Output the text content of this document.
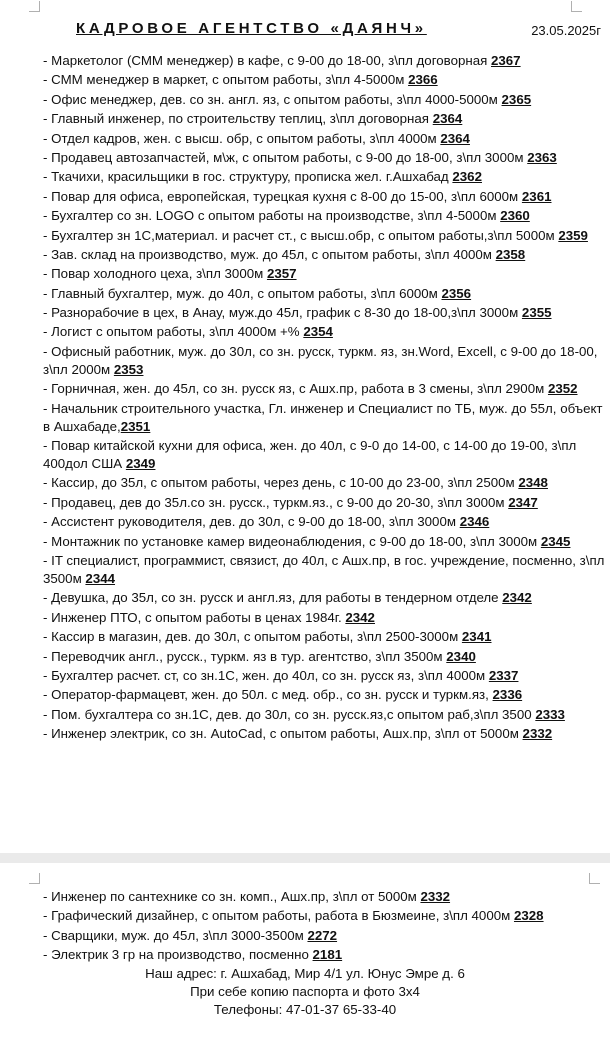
КАДРОВОЕ АГЕНТСТВО «ДАЯНЧ»	23.05.2025г
- Маркетолог (СММ менеджер) в кафе, с 9-00 до 18-00, з\пл договорная 2367
- СММ менеджер в маркет, с опытом работы, з\пл 4-5000м 2366
- Офис менеджер, дев. со зн. англ. яз, с опытом работы, з\пл 4000-5000м 2365
- Главный инженер, по строительству теплиц, з\пл договорная 2364
- Отдел кадров, жен. с высш. обр, с опытом работы, з\пл 4000м 2364
- Продавец автозапчастей, м\ж, с опытом работы, с 9-00 до 18-00, з\пл 3000м 2363
- Ткачихи, красильщики в гос. структуру, прописка жел. г.Ашхабад 2362
- Повар для офиса, европейская, турецкая кухня с 8-00 до 15-00, з\пл 6000м 2361
- Бухгалтер со зн. LOGO с опытом работы на производстве, з\пл 4-5000м 2360
- Бухгалтер зн 1С,материал. и расчет ст., с высш.обр, с опытом работы,з\пл 5000м 2359
- Зав. склад на производство, муж. до 45л, с опытом работы, з\пл 4000м 2358
- Повар холодного цеха, з\пл 3000м 2357
- Главный бухгалтер, муж. до 40л, с опытом работы, з\пл 6000м 2356
- Разнорабочие в цех, в Анау, муж.до 45л, график с 8-30 до 18-00,з\пл 3000м 2355
- Логист с опытом работы, з\пл 4000м +% 2354
- Офисный работник, муж. до 30л, со зн. русск, туркм. яз, зн.Word, Excell, с 9-00 до 18-00, з\пл 2000м 2353
- Горничная, жен. до 45л, со зн. русск яз, с Ашх.пр, работа в 3 смены, з\пл 2900м 2352
- Начальник строительного участка, Гл. инженер и Специалист по ТБ, муж. до 55л, объект в Ашхабаде,2351
- Повар китайской кухни для офиса, жен. до 40л, с 9-0 до 14-00, с 14-00 до 19-00, з\пл 400дол США 2349
- Кассир, до 35л, с опытом работы, через день, с 10-00 до 23-00, з\пл 2500м 2348
- Продавец, дев до 35л.со зн. русск., туркм.яз., с 9-00 до 20-30, з\пл 3000м 2347
- Ассистент руководителя, дев. до 30л, с 9-00 до 18-00, з\пл 3000м 2346
- Монтажник по установке камер видеонаблюдения, с 9-00 до 18-00, з\пл 3000м 2345
- IT специалист, программист, связист, до 40л, с Ашх.пр, в гос. учреждение, посменно, з\пл 3500м 2344
- Девушка, до 35л, со зн. русск и англ.яз, для работы в тендерном отделе 2342
- Инженер ПТО, с опытом работы в ценах 1984г. 2342
- Кассир в магазин, дев. до 30л, с опытом работы, з\пл 2500-3000м 2341
- Переводчик англ., русск., туркм. яз в тур. агентство, з\пл 3500м 2340
- Бухгалтер расчет. ст, со зн.1С, жен. до 40л, со зн. русск яз, з\пл 4000м 2337
- Оператор-фармацевт, жен. до 50л. с мед. обр., со зн. русск и туркм.яз, 2336
- Пом. бухгалтера со зн.1С, дев. до 30л, со зн. русск.яз,с опытом раб,з\пл 3500 2333
- Инженер электрик, со зн. AutoCad, с опытом работы, Ашх.пр, з\пл от 5000м 2332
- Инженер по сантехнике со зн. комп., Ашх.пр, з\пл от 5000м 2332
- Графический дизайнер, с опытом работы, работа в Бюзмеине, з\пл 4000м 2328
- Сварщики, муж. до 45л, з\пл 3000-3500м 2272
- Электрик 3 гр на производство, посменно 2181
Наш адрес: г. Ашхабад, Мир 4/1 ул. Юнус Эмре д. 6
При себе копию паспорта и фото 3х4
Телефоны: 47-01-37 65-33-40
